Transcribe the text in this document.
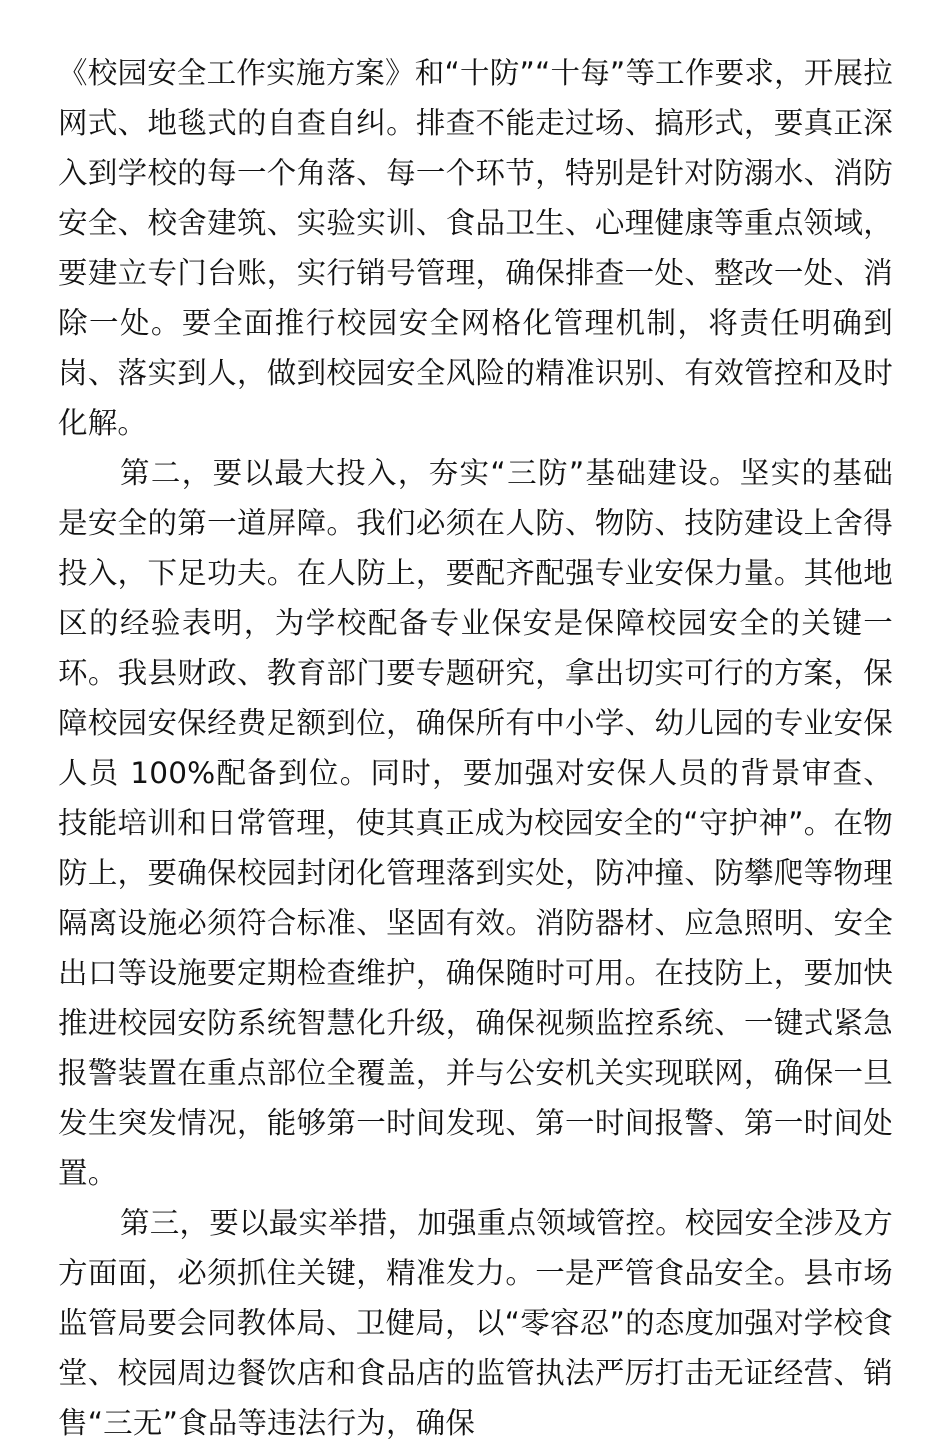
《校园安全工作实施方案》和“十防”“十每”等工作要求，开展拉网式、地毯式的自查自纠。排查不能走过场、搞形式，要真正深入到学校的每一个角落、每一个环节，特别是针对防溺水、消防安全、校舍建筑、实验实训、食品卫生、心理健康等重点领域，要建立专门台账，实行销号管理，确保排查一处、整改一处、消除一处。要全面推行校园安全网格化管理机制，将责任明确到岗、落实到人，做到校园安全风险的精准识别、有效管控和及时化解。

第二，要以最大投入，夯实“三防”基础建设。坚实的基础是安全的第一道屏障。我们必须在人防、物防、技防建设上舍得投入，下足功夫。在人防上，要配齐配强专业安保力量。其他地区的经验表明，为学校配备专业保安是保障校园安全的关键一环。我县财政、教育部门要专题研究，拿出切实可行的方案，保障校园安保经费足额到位，确保所有中小学、幼儿园的专业安保人员 100%配备到位。同时，要加强对安保人员的背景审查、技能培训和日常管理，使其真正成为校园安全的“守护神”。在物防上，要确保校园封闭化管理落到实处，防冲撞、防攀爬等物理隔离设施必须符合标准、坚固有效。消防器材、应急照明、安全出口等设施要定期检查维护，确保随时可用。在技防上，要加快推进校园安防系统智慧化升级，确保视频监控系统、一键式紧急报警装置在重点部位全覆盖，并与公安机关实现联网，确保一旦发生突发情况，能够第一时间发现、第一时间报警、第一时间处置。

第三，要以最实举措，加强重点领域管控。校园安全涉及方方面面，必须抓住关键，精准发力。一是严管食品安全。县市场监管局要会同教体局、卫健局，以“零容忍”的态度加强对学校食堂、校园周边餐饮店和食品店的监管执法严厉打击无证经营、销售“三无”食品等违法行为，确保
